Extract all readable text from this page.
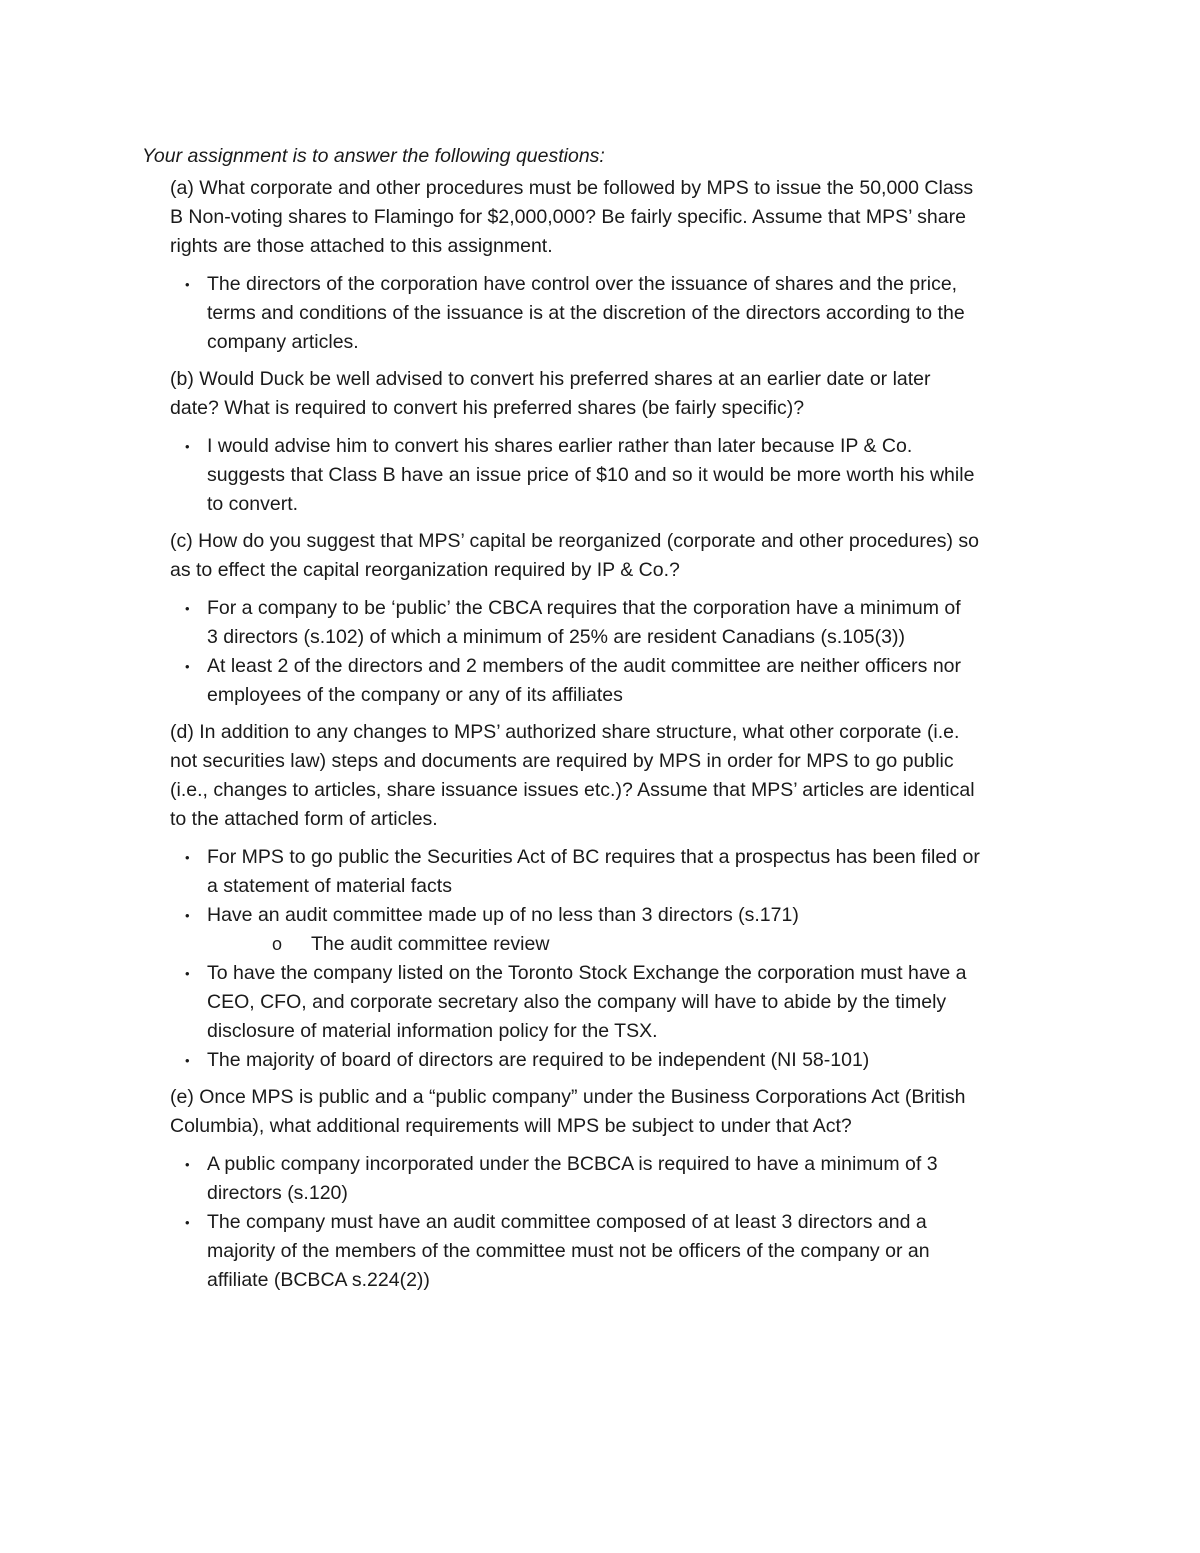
Your assignment is to answer the following questions:
(a) What corporate and other procedures must be followed by MPS to issue the 50,000 Class
B Non-voting shares to Flamingo for $2,000,000? Be fairly specific. Assume that MPS’ share
rights are those attached to this assignment.
• The directors of the corporation have control over the issuance of shares and the price,
terms and conditions of the issuance is at the discretion of the directors according to the
company articles.
(b) Would Duck be well advised to convert his preferred shares at an earlier date or later
date? What is required to convert his preferred shares (be fairly specific)?
• I would advise him to convert his shares earlier rather than later because IP & Co.
suggests that Class B have an issue price of $10 and so it would be more worth his while
to convert.
(c) How do you suggest that MPS’ capital be reorganized (corporate and other procedures) so
as to effect the capital reorganization required by IP & Co.?
• For a company to be ‘public’ the CBCA requires that the corporation have a minimum of
3 directors (s.102) of which a minimum of 25% are resident Canadians (s.105(3))
• At least 2 of the directors and 2 members of the audit committee are neither officers nor
employees of the company or any of its affiliates
(d) In addition to any changes to MPS’ authorized share structure, what other corporate (i.e.
not securities law) steps and documents are required by MPS in order for MPS to go public
(i.e., changes to articles, share issuance issues etc.)? Assume that MPS’ articles are identical
to the attached form of articles.
• For MPS to go public the Securities Act of BC requires that a prospectus has been filed or
a statement of material facts
• Have an audit committee made up of no less than 3 directors (s.171)
o The audit committee review
• To have the company listed on the Toronto Stock Exchange the corporation must have a
CEO, CFO, and corporate secretary also the company will have to abide by the timely
disclosure of material information policy for the TSX.
• The majority of board of directors are required to be independent (NI 58-101)
(e) Once MPS is public and a “public company” under the Business Corporations Act (British
Columbia), what additional requirements will MPS be subject to under that Act?
• A public company incorporated under the BCBCA is required to have a minimum of 3
directors (s.120)
• The company must have an audit committee composed of at least 3 directors and a
majority of the members of the committee must not be officers of the company or an
affiliate (BCBCA s.224(2))
